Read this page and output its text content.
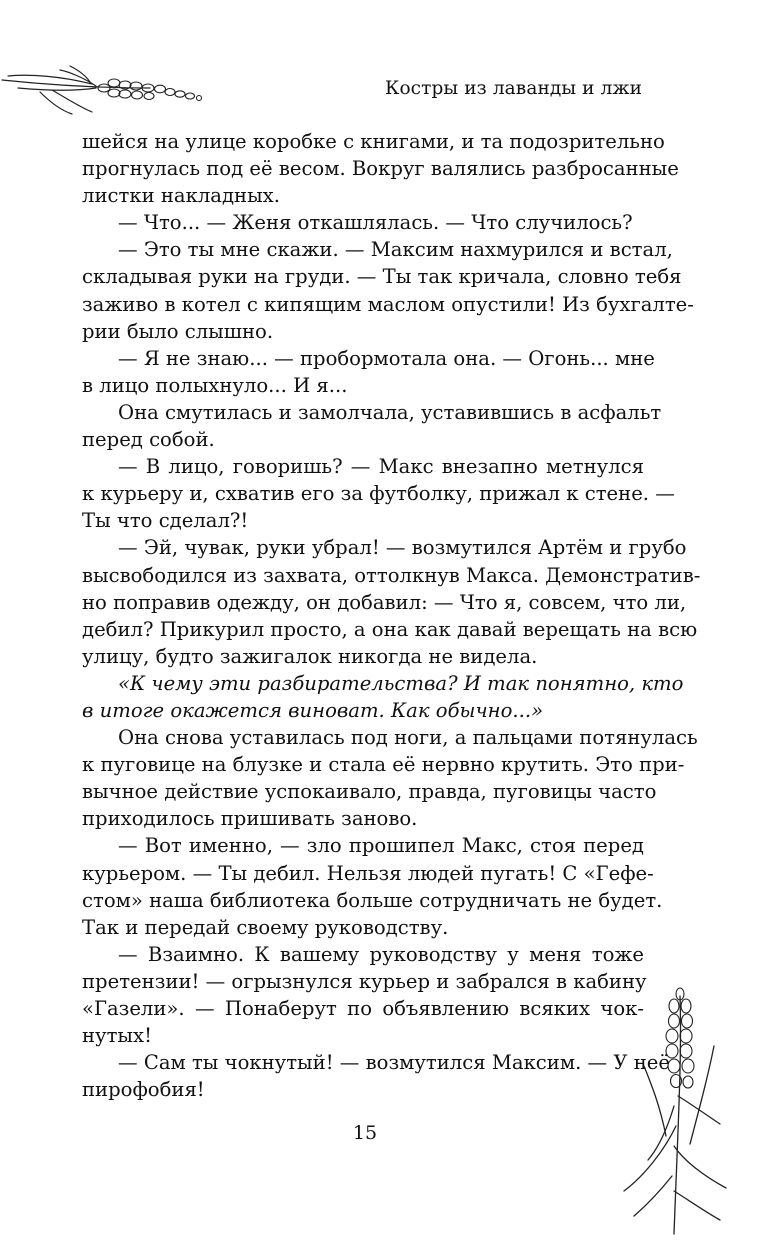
Костры из лаванды и лжи
шейся на улице коробке с книгами, и та подозрительно
прогнулась под её весом. Вокруг валялись разбросанные
листки накладных.
— Что... — Женя откашлялась. — Что случилось?
— Это ты мне скажи. — Максим нахмурился и встал,
складывая руки на груди. — Ты так кричала, словно тебя
заживо в котел с кипящим маслом опустили! Из бухгалте-
рии было слышно.
— Я не знаю... — пробормотала она. — Огонь... мне
в лицо полыхнуло... И я...
Она смутилась и замолчала, уставившись в асфальт
перед собой.
— В лицо, говоришь? — Макс внезапно метнулся
к курьеру и, схватив его за футболку, прижал к стене. —
Ты что сделал?!
— Эй, чувак, руки убрал! — возмутился Артём и грубо
высвободился из захвата, оттолкнув Макса. Демонстратив-
но поправив одежду, он добавил: — Что я, совсем, что ли,
дебил? Прикурил просто, а она как давай верещать на всю
улицу, будто зажигалок никогда не видела.
«К чему эти разбирательства? И так понятно, кто
в итоге окажется виноват. Как обычно...»
Она снова уставилась под ноги, а пальцами потянулась
к пуговице на блузке и стала её нервно крутить. Это при-
вычное действие успокаивало, правда, пуговицы часто
приходилось пришивать заново.
— Вот именно, — зло прошипел Макс, стоя перед
курьером. — Ты дебил. Нельзя людей пугать! С «Гефе-
стом» наша библиотека больше сотрудничать не будет.
Так и передай своему руководству.
— Взаимно. К вашему руководству у меня тоже
претензии! — огрызнулся курьер и забрался в кабину
«Газели». — Понаберут по объявлению всяких чок-
нутых!
— Сам ты чокнутый! — возмутился Максим. — У неё
пирофобия!
15
